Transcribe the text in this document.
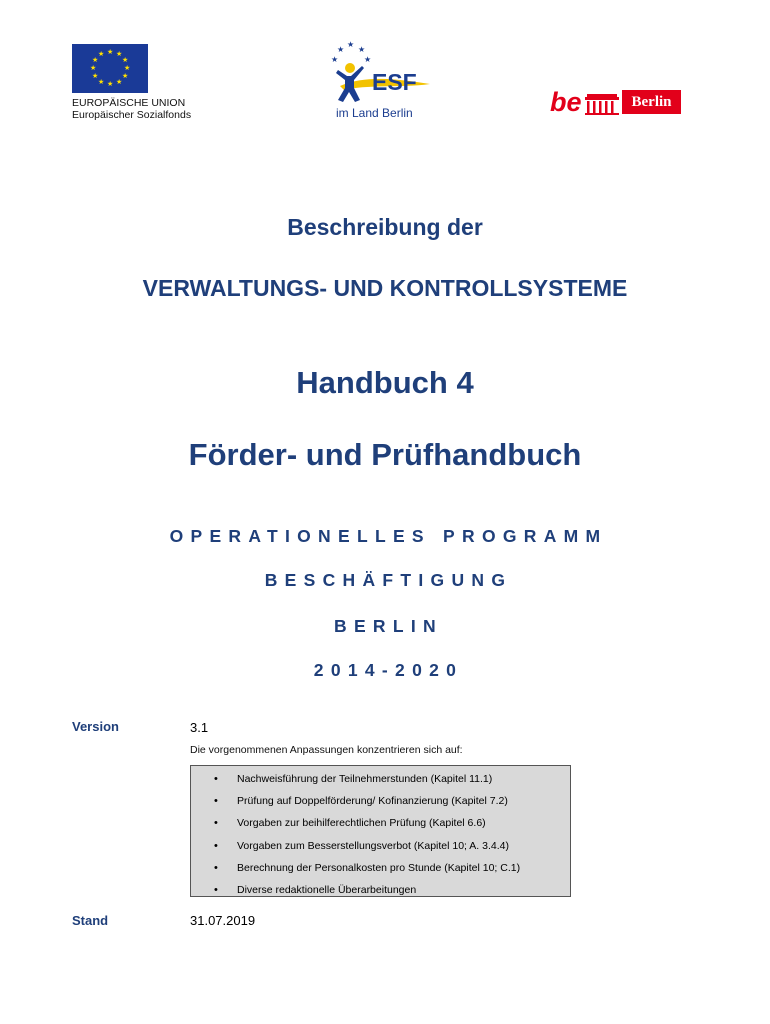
★ ★
★
★
★
★
★
★
★
★
★
★
EUROPÄISCHE UNION
Europäischer Sozialfonds
★
★
★
★
★
ESF
im Land Berlin	be	Berlin
Beschreibung der
VERWALTUNGS- UND KONTROLLSYSTEME
Handbuch 4
Förder- und Prüfhandbuch
OPERATIONELLES PROGRAMM
BESCHÄFTIGUNG
BERLIN
2014-2020
Version	3.1
Die vorgenommenen Anpassungen konzentrieren sich auf:
• Nachweisführung der Teilnehmerstunden (Kapitel 11.1)
• Prüfung auf Doppelförderung/ Kofinanzierung (Kapitel 7.2)
• Vorgaben zur beihilferechtlichen Prüfung (Kapitel 6.6)
• Vorgaben zum Besserstellungsverbot (Kapitel 10; A. 3.4.4)
• Berechnung der Personalkosten pro Stunde (Kapitel 10; C.1)
• Diverse redaktionelle Überarbeitungen
Stand	31.07.2019
